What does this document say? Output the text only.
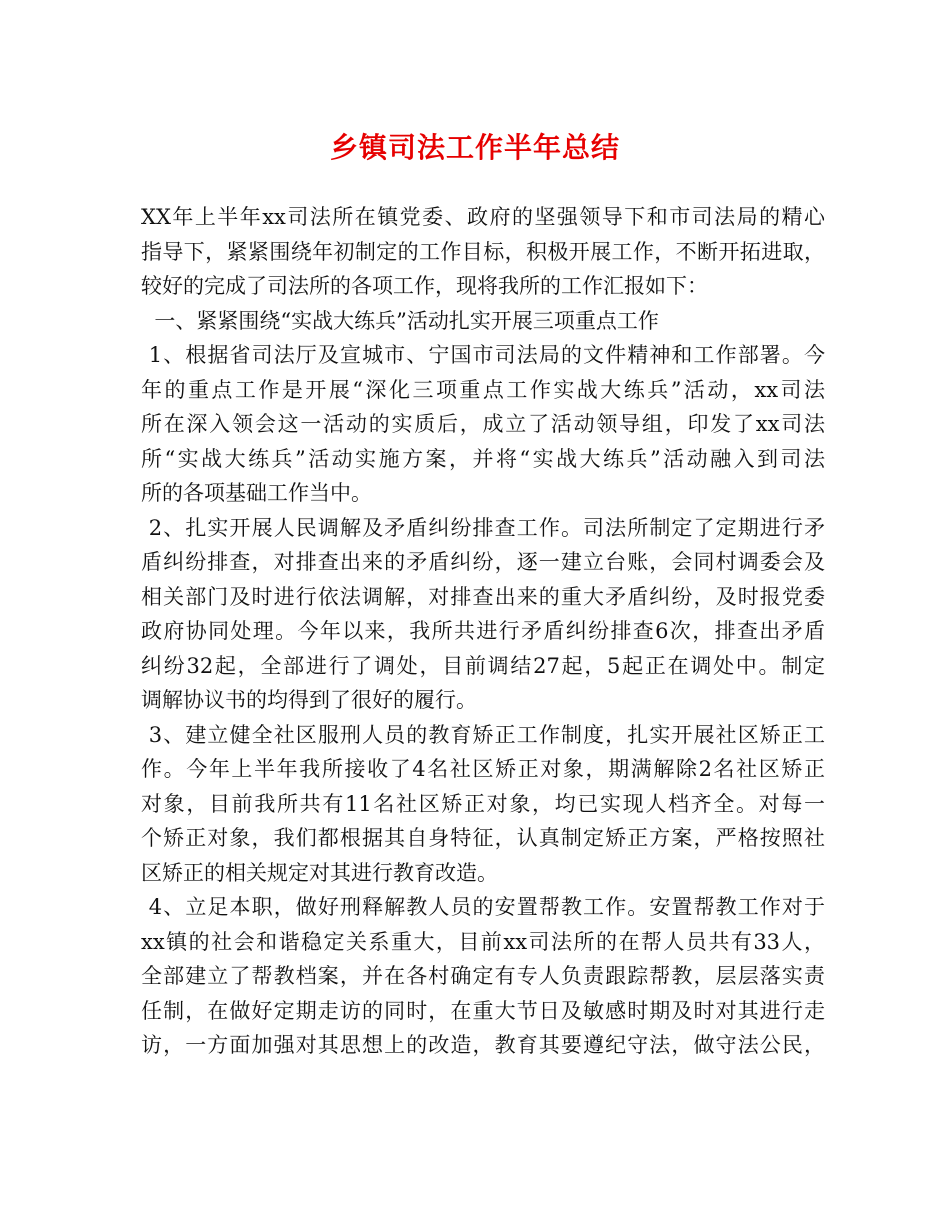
乡镇司法工作半年总结
XX年上半年xx司法所在镇党委、政府的坚强领导下和市司法局的精心
指导下，紧紧围绕年初制定的工作目标，积极开展工作，不断开拓进取，
较好的完成了司法所的各项工作，现将我所的工作汇报如下：
一、紧紧围绕“实战大练兵”活动扎实开展三项重点工作
1、根据省司法厅及宣城市、宁国市司法局的文件精神和工作部署。今
年的重点工作是开展“深化三项重点工作实战大练兵”活动，xx司法
所在深入领会这一活动的实质后，成立了活动领导组，印发了xx司法
所“实战大练兵”活动实施方案，并将“实战大练兵”活动融入到司法
所的各项基础工作当中。
2、扎实开展人民调解及矛盾纠纷排查工作。司法所制定了定期进行矛
盾纠纷排查，对排查出来的矛盾纠纷，逐一建立台账，会同村调委会及
相关部门及时进行依法调解，对排查出来的重大矛盾纠纷，及时报党委
政府协同处理。今年以来，我所共进行矛盾纠纷排查6次，排查出矛盾
纠纷32起，全部进行了调处，目前调结27起，5起正在调处中。制定
调解协议书的均得到了很好的履行。
3、建立健全社区服刑人员的教育矫正工作制度，扎实开展社区矫正工
作。今年上半年我所接收了4名社区矫正对象，期满解除2名社区矫正
对象，目前我所共有11名社区矫正对象，均已实现人档齐全。对每一
个矫正对象，我们都根据其自身特征，认真制定矫正方案，严格按照社
区矫正的相关规定对其进行教育改造。
4、立足本职，做好刑释解教人员的安置帮教工作。安置帮教工作对于
xx镇的社会和谐稳定关系重大，目前xx司法所的在帮人员共有33人，
全部建立了帮教档案，并在各村确定有专人负责跟踪帮教，层层落实责
任制，在做好定期走访的同时，在重大节日及敏感时期及时对其进行走
访，一方面加强对其思想上的改造，教育其要遵纪守法，做守法公民，
